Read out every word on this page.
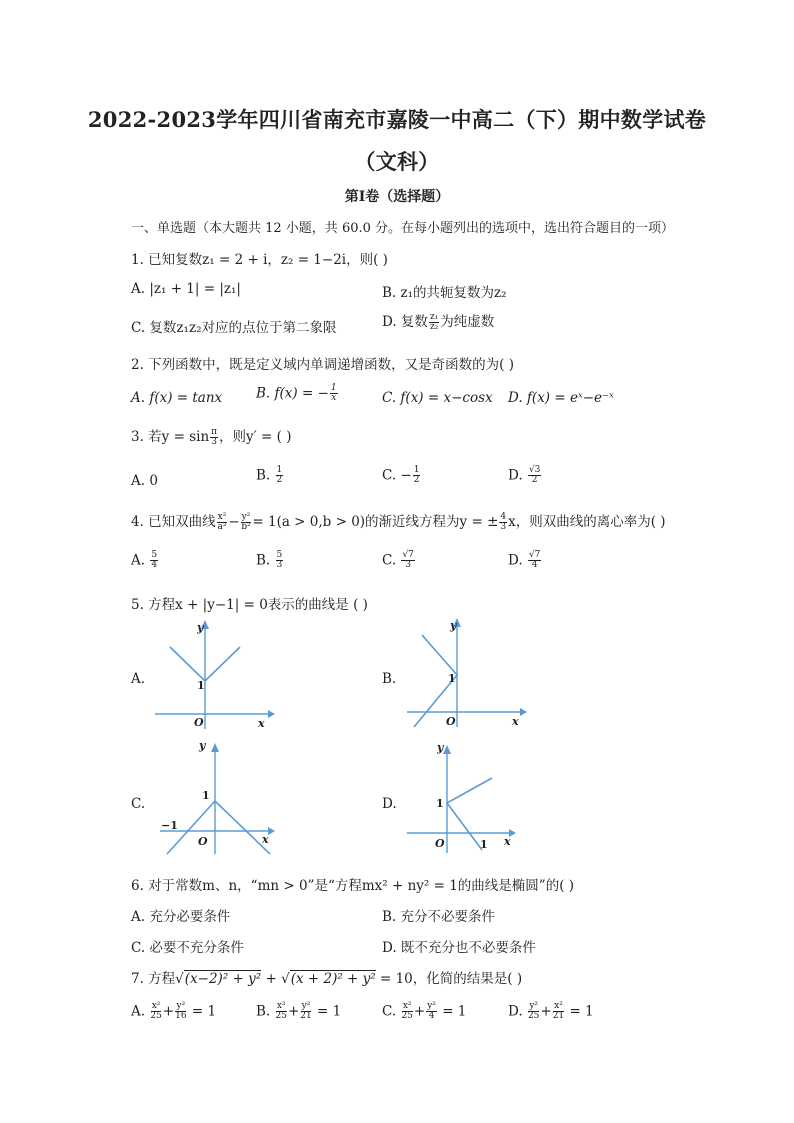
2022-2023学年四川省南充市嘉陵一中高二（下）期中数学试卷
（文科）
第Ⅰ卷（选择题）
一、单选题（本大题共 12 小题，共 60.0 分。在每小题列出的选项中，选出符合题目的一项）
1. 已知复数z₁ = 2 + i，z₂ = 1−2i，则( )
A. |z₁ + 1| = |z₁|	B. z₁的共轭复数为z₂
C. 复数z₁z₂对应的点位于第二象限	D. 复数 $\frac{\text{z₁}}{\text{z₂}}$ 为纯虚数
2. 下列函数中，既是定义域内单调递增函数，又是奇函数的为( )
A. f(x) = tanx	B. f(x) = − $\frac{1}{x}$	C. f(x) = x−cosx D. f(x) = eˣ−e⁻ˣ
3. 若$y = \sin \frac{\pi}{3}$ ，则y′ = ( )
A. 0	B. $\frac{1}{2}$	C. − $\frac{1}{2}$	D. $\frac{√3}{2}$
4. 已知双曲线 $\frac{\text{x²}}{\text{a²}} - \frac{\text{y²}}{\text{b²}} = 1(a > 0,b > 0)$的渐近线方程为y = ± $\frac{4}{3}$ x，则双曲线的离心率为( )
A. $\frac{5}{4}$	B. $\frac{5}{3}$	C. $\frac{√7}{3}$	D. $\frac{√7}{4}$
5. 方程x + |y−1| = 0表示的曲线是 ( )
A.
y
x
O
1	B.
y
x
O
1
C.
y
x
O
1
−1
D.
y
x
O
1
1
6. 对于常数m、n，“mn > 0”是“方程mx² + ny² = 1的曲线是椭圆”的( )
A. 充分必要条件	B. 充分不必要条件
C. 必要不充分条件	D. 既不充分也不必要条件
7. 方程√(x−2)² + y² + √(x + 2)² + y² = 10，化简的结果是( )
A. $\frac{\text{x²}}{25} + \frac{\text{y²}}{16} = 1$	B. $\frac{\text{x²}}{25} + \frac{\text{y²}}{21} = 1$	C. $\frac{\text{x²}}{25} + \frac{\text{y²}}{4} = 1$	D. $\frac{\text{y²}}{25} + \frac{\text{x²}}{21} = 1$
